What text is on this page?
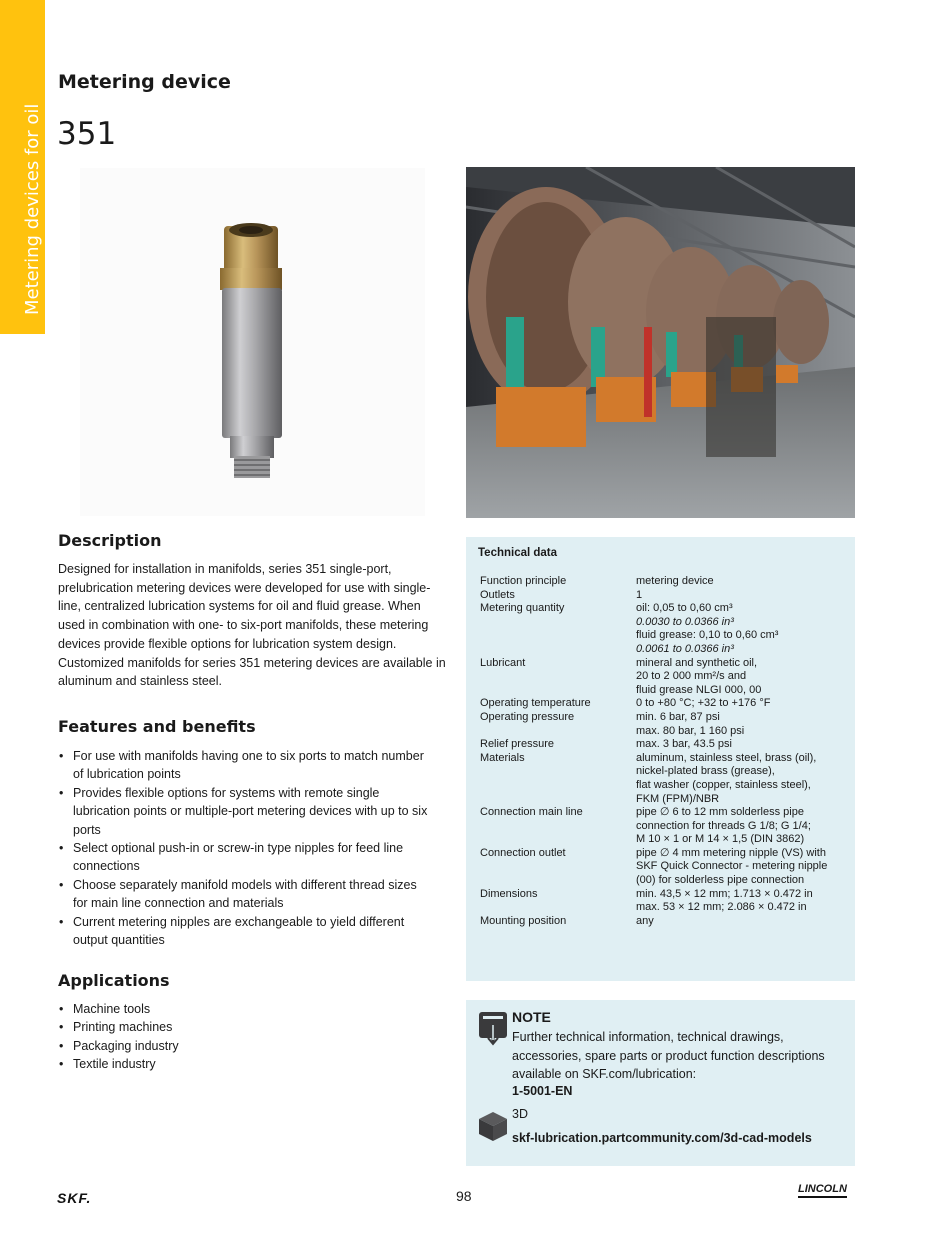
Metering devices for oil
Metering device
351
Description

Designed for installation in manifolds, series 351 single-port, prelubrication metering devices were developed for use with single-line, centralized lubrication systems for oil and fluid grease. When used in combination with one- to six-port manifolds, these metering devices provide flexible options for lubrication system design. Customized manifolds for series 351 metering devices are available in aluminum and stainless steel.

Features and benefits
• For use with manifolds having one to six ports to match number of lubrication points
• Provides flexible options for systems with remote single lubrication points or multiple-port metering devices with up to six ports
• Select optional push-in or screw-in type nipples for feed line connections
• Choose separately manifold models with different thread sizes for main line connection and materials
• Current metering nipples are exchangeable to yield different output quantities
Applications
• Machine tools
• Printing machines
• Packaging industry
• Textile industry
Technical data
Function principle	metering device

Outlets	1

Metering quantity	oil: 0,05 to 0,60 cm³
0.0030 to 0.0366 in³
fluid grease: 0,10 to 0,60 cm³
0.0061 to 0.0366 in³

Lubricant	mineral and synthetic oil,
20 to 2 000 mm²/s and
fluid grease NLGI 000, 00

Operating temperature	0 to +80 °C; +32 to +176 °F

Operating pressure	min. 6 bar, 87 psi
max. 80 bar, 1 160 psi

Relief pressure	max. 3 bar, 43.5 psi

Materials	aluminum, stainless steel, brass (oil),
nickel-plated brass (grease),
flat washer (copper, stainless steel),
FKM (FPM)/NBR

Connection main line	pipe ∅ 6 to 12 mm solderless pipe
connection for threads G 1/8; G 1/4;
M 10 × 1 or M 14 × 1,5 (DIN 3862)

Connection outlet	pipe ∅ 4 mm metering nipple (VS) with
SKF Quick Connector - metering nipple
(00) for solderless pipe connection

Dimensions	min. 43,5 × 12 mm; 1.713 × 0.472 in
max. 53 × 12 mm; 2.086 × 0.472 in

Mounting position	any
NOTE

Further technical information, technical drawings, accessories, spare parts or product function descriptions available on SKF.com/lubrication:

1-5001-EN
3D
skf-lubrication.partcommunity.com/3d-cad-models
SKF.	98	LINCOLN
